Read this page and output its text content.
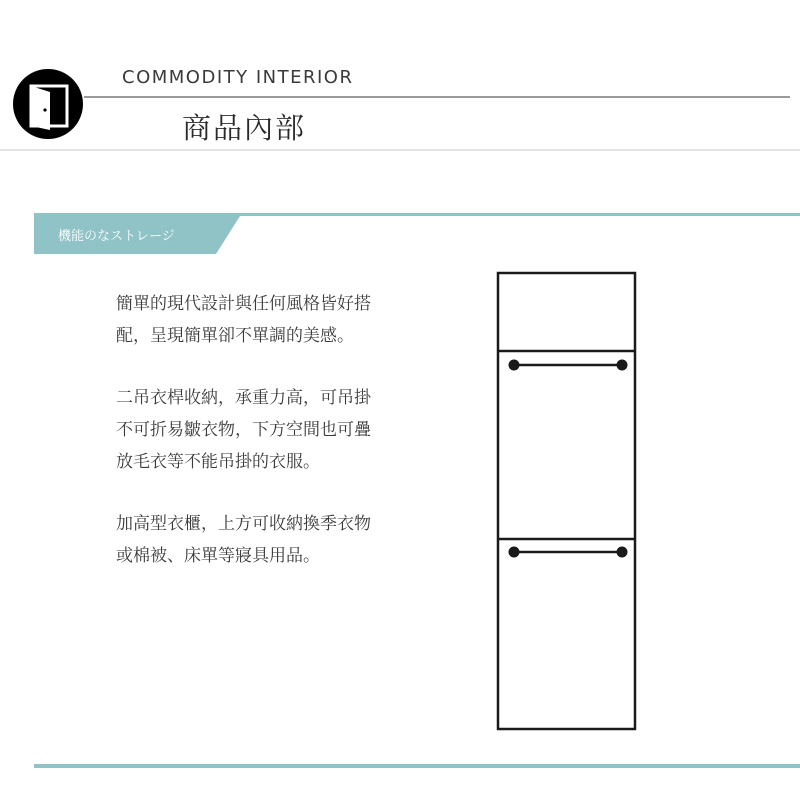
COMMODITY INTERIOR
商品內部
機能のなストレージ

簡單的現代設計與任何風格皆好搭
配，呈現簡單卻不單調的美感。

二吊衣桿收納，承重力高，可吊掛
不可折易皺衣物，下方空間也可疊
放毛衣等不能吊掛的衣服。

加高型衣櫃，上方可收納換季衣物
或棉被、床單等寢具用品。
